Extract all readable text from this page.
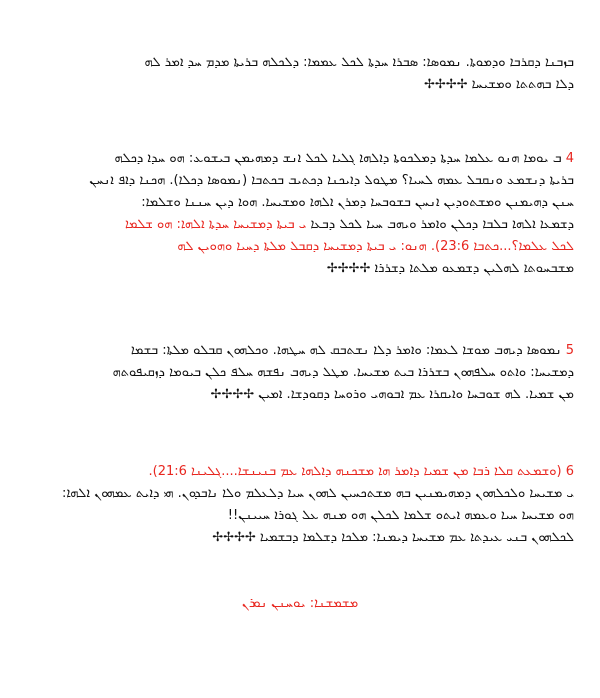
ܒܙܒܢܐ ܕܩܪܒܐ ܘܕܡܘܬܐ. ܢܡܘܣܐ: ܣܒܪܐ ܚܕܬܐ ܠܟܠ ܥܡܡܐ: ܕܠܟܠܗ ܒܪܝܬܐ ܡܕܡ ܚܕ ܐܡܪ ܠܗ
ܕܠܐ ܒܗܬܬܐ ܘܡܫܝܚܐ ✢✢✢✢
4 ܒ ܝܘܡܐ ܗܢܘ ܥܠܡܐ ܚܕܬܐ ܕܡܠܟܘܬܐ ܕܐܠܗܐ ܓܠܝܐ ܠܟܠ ܐܢܫ ܕܡܗܝܡܢ ܒܝܫܘܥ: ܗܘ ܚܕܐ ܕܟܠܗ
ܒܪܝܬܐ ܕܢܫܡܥ ܘܢܩܒܠ ܥܡܗ ܠܚܝܐ؟ ܡܛܘܠ ܕܐܝܟܢܐ ܕܟܬܝܒ ܒܟܬܒܐ (ܢܡܘܣܐ ܕܟܠܐ). ܗܟܢܐ ܕܐܦ ܐܢܚܢ
ܚܢܢ ܕܗܝܡܢܢ ܘܡܫܬܘܕܝܢ ܐܢܚܢ ܒܫܘܒܚܐ ܕܡܪܢ ܐܠܗܐ ܘܡܫܝܚܐ. ܗܘܐ ܕܝܢ ܚܢܢܐ ܘܫܠܡܐ:
ܕܫܡܥܐ ܐܠܗܐ ܒܠܒܐ ܕܟܠܢ ܘܐܡܪ ܘܝܗܒ ܚܝܐ ܠܟܠ ܕܒܥܐ ܝ ܒܝܬܐ ܕܡܫܝܚܐ ܚܕܬܐ ܐܠܗܐ: ܗܘ ܫܠܡܐ
ܠܟܠ ܥܠܡܐ؟...ܟܬܒܐ 23:6). ܗܢܘ: ܝ ܒܝܬܐ ܕܡܫܝܚܐ ܕܩܒܠ ܡܠܬܐ ܕܚܝܐ ܘܗܘܝܢ ܠܗ
ܡܫܒܚܘܬܐ ܠܗܠܝܢ ܕܫܡܥܘ ܡܠܬܐ ܕܫܪܪܐ ✢✢✢✢
5 ܢܡܘܣܐ ܕܝܗܒ ܡܘܫܐ ܠܥܡܐ: ܘܐܡܪ ܕܠܐ ܢܫܬܒܩ ܠܗ ܚܛܗܐ. ܘܟܠܗܘܢ ܩܒܠܘ ܡܠܬܐ: ܒܫܡܐ
ܕܡܫܝܚܐ: ܘܐܬܘ ܚܠܦܗܘܢ ܒܫܪܪܐ ܒܝܬ ܡܫܝܚܐ. ܡܛܠ ܕܝܗܒ ܢܦܫܗ ܚܠܦ ܟܠܢ ܒܝܘܡܐ ܕܙܩܝܦܘܬܗ
ܡܢ ܫܡܝܐ. ܠܗ ܫܘܒܚܐ ܘܐܝܩܪܐ ܥܡ ܐܒܘܗܝ ܘܪܘܚܐ ܕܩܘܕܫܐ. ܐܡܝܢ ✢✢✢✢
6 (ܘܫܡܥܬ ܩܠܐ ܪܒܐ ܡܢ ܫܡܝܐ ܕܐܡܪ ܗܐ ܡܫܟܢܗ ܕܐܠܗܐ ܥܡ ܒܢܝܢܫܐ....ܓܠܝܢܐ 21:6).
ܝ ܡܫܝܚܐ ܘܠܟܠܗܘܢ ܕܡܗܝܡܢܝܢ ܒܗ ܡܫܬܟܚܝܢ ܠܗܘܢ ܚܝܐ ܕܠܥܠܡ ܘܠܐ ܢܐܒܕܘܢ. ܗܝ ܕܐܝܬ ܥܡܗܘܢ ܐܠܗܐ:
ܗܘ ܡܫܝܚܐ ܚܝܐ ܘܥܡܗ ܐܝܬܘ ܫܠܡܐ ܠܟܠܢ ܗܘ ܡܢܗ ܥܠ ܓܘܪܐ ܚܝܝܢܢ!!
ܠܟܠܗܘܢ ܒܢܝ ܥܝܕܬܐ ܥܡ ܡܫܝܚܐ ܕܝܡܢܐ: ܡܠܟܐ ܕܫܠܡܐ ܕܒܫܡܝܐ ✢✢✢✢
ܡܫܡܫܢܐ: ܝܘܚܢܢ ܢܘܪܢ
